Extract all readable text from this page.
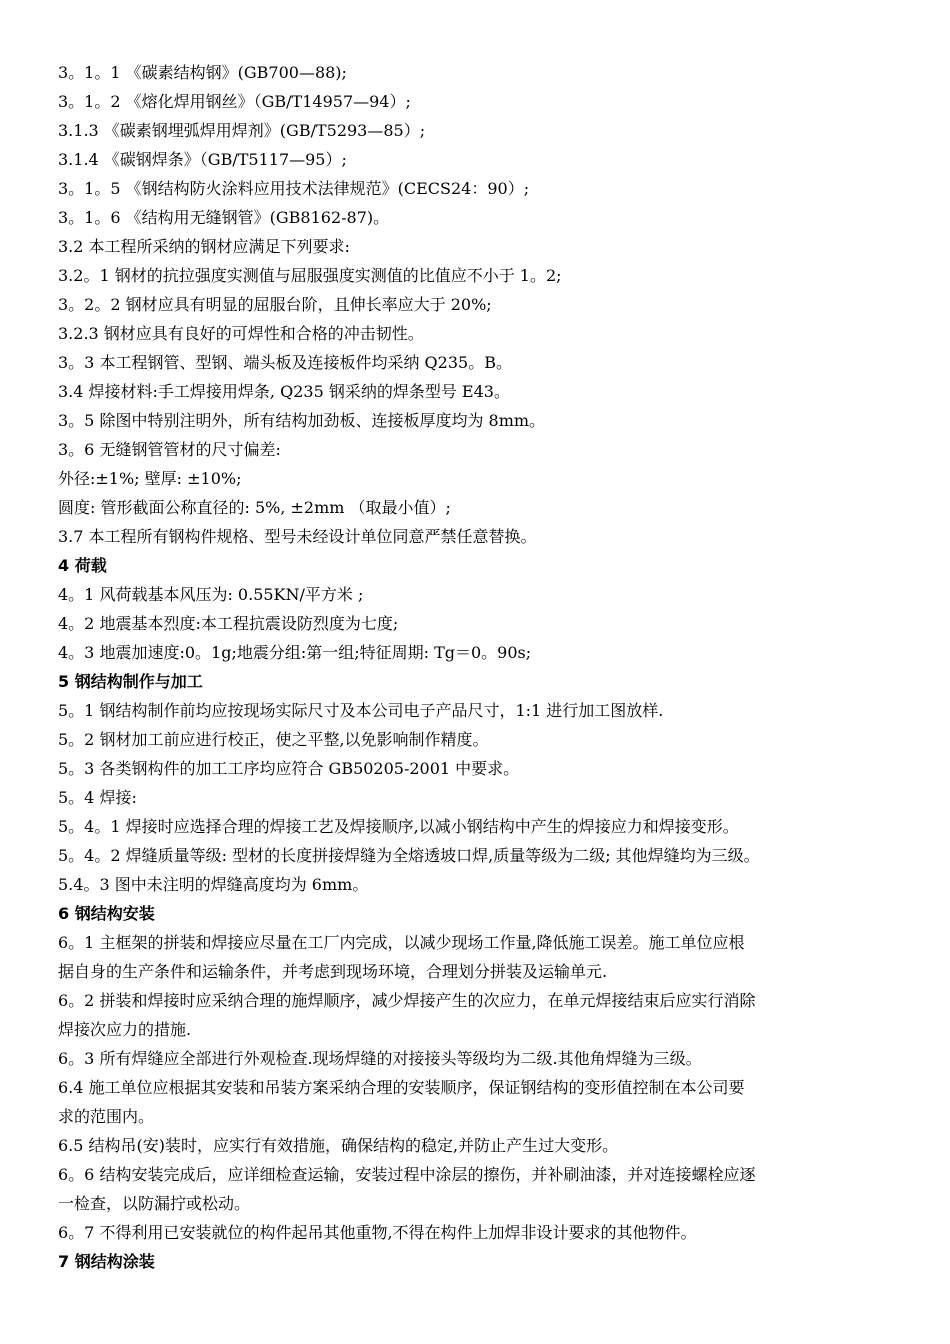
3。1。1 《碳素结构钢》(GB700—88);
3。1。2 《熔化焊用钢丝》（GB/T14957—94）;
3.1.3 《碳素钢埋弧焊用焊剂》(GB/T5293—85）;
3.1.4 《碳钢焊条》（GB/T5117—95）;
3。1。5 《钢结构防火涂料应用技术法律规范》(CECS24：90）;
3。1。6 《结构用无缝钢管》(GB8162-87)。
3.2 本工程所采纳的钢材应满足下列要求:
3.2。1 钢材的抗拉强度实测值与屈服强度实测值的比值应不小于 1。2;
3。2。2 钢材应具有明显的屈服台阶，且伸长率应大于 20%;
3.2.3 钢材应具有良好的可焊性和合格的冲击韧性。
3。3 本工程钢管、型钢、端头板及连接板件均采纳 Q235。B。
3.4 焊接材料:手工焊接用焊条, Q235 钢采纳的焊条型号 E43。
3。5 除图中特别注明外，所有结构加劲板、连接板厚度均为 8mm。
3。6 无缝钢管管材的尺寸偏差:
外径:±1%; 壁厚: ±10%;
圆度: 管形截面公称直径的: 5%, ±2mm （取最小值）;
3.7 本工程所有钢构件规格、型号未经设计单位同意严禁任意替换。
4 荷载
4。1 风荷载基本风压为: 0.55KN/平方米 ;
4。2 地震基本烈度:本工程抗震设防烈度为七度;
4。3 地震加速度:0。1g;地震分组:第一组;特征周期: Tg＝0。90s;
5 钢结构制作与加工
5。1 钢结构制作前均应按现场实际尺寸及本公司电子产品尺寸，1:1 进行加工图放样.
5。2 钢材加工前应进行校正，使之平整,以免影响制作精度。
5。3 各类钢构件的加工工序均应符合 GB50205-2001 中要求。
5。4 焊接:
5。4。1 焊接时应选择合理的焊接工艺及焊接顺序,以减小钢结构中产生的焊接应力和焊接变形。
5。4。2 焊缝质量等级: 型材的长度拼接焊缝为全熔透坡口焊,质量等级为二级; 其他焊缝均为三级。
5.4。3 图中未注明的焊缝高度均为 6mm。
6 钢结构安装
6。1 主框架的拼装和焊接应尽量在工厂内完成，以减少现场工作量,降低施工误差。施工单位应根
据自身的生产条件和运输条件，并考虑到现场环境，合理划分拼装及运输单元.
6。2 拼装和焊接时应采纳合理的施焊顺序，减少焊接产生的次应力，在单元焊接结束后应实行消除
焊接次应力的措施.
6。3 所有焊缝应全部进行外观检查.现场焊缝的对接接头等级均为二级.其他角焊缝为三级。
6.4 施工单位应根据其安装和吊装方案采纳合理的安装顺序，保证钢结构的变形值控制在本公司要
求的范围内。
6.5 结构吊(安)装时，应实行有效措施，确保结构的稳定,并防止产生过大变形。
6。6 结构安装完成后，应详细检查运输，安装过程中涂层的擦伤，并补刷油漆，并对连接螺栓应逐
一检查，以防漏拧或松动。
6。7 不得利用已安装就位的构件起吊其他重物,不得在构件上加焊非设计要求的其他物件。
7 钢结构涂装
